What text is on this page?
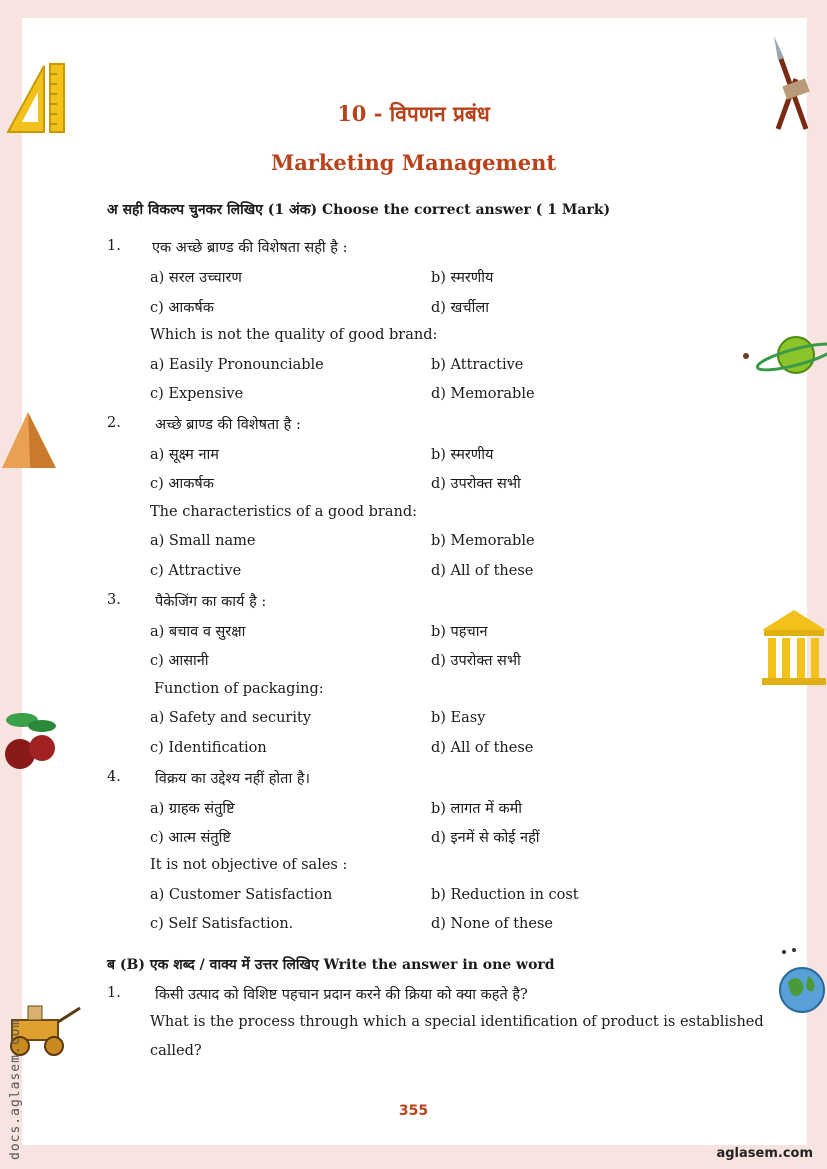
10 - विपणन प्रबंध
Marketing Management
अ सही विकल्प चुनकर लिखिए (1 अंक) Choose the correct answer ( 1 Mark)
1. एक अच्छे ब्राण्ड की विशेषता सही है :
a) सरल उच्चारण	b) स्मरणीय
c) आकर्षक	d) खर्चीला
Which is not the quality of good brand:
a) Easily Pronounciable	b) Attractive
c) Expensive	d) Memorable
2. अच्छे ब्राण्ड की विशेषता है :
a) सूक्ष्म नाम	b) स्मरणीय
c) आकर्षक	d) उपरोक्त सभी
The characteristics of a good brand:
a) Small name	b) Memorable
c) Attractive	d) All of these
3. पैकेजिंग का कार्य है :
a) बचाव व सुरक्षा	b) पहचान
c) आसानी	d) उपरोक्त सभी
Function of packaging:
a) Safety and security	b) Easy
c) Identification	d) All of these
4. विक्रय का उद्देश्य नहीं होता है।
a) ग्राहक संतुष्टि	b) लागत में कमी
c) आत्म संतुष्टि	d) इनमें से कोई नहीं
It is not objective of sales :
a) Customer Satisfaction	b) Reduction in cost
c) Self Satisfaction.	d) None of these
ब (B) एक शब्द / वाक्य में उत्तर लिखिए Write the answer in one word
1. किसी उत्पाद को विशिष्ट पहचान प्रदान करने की क्रिया को क्या कहते है?
What is the process through which a special identification of product is established
called?
355
aglasem.com
docs.aglasem.com
